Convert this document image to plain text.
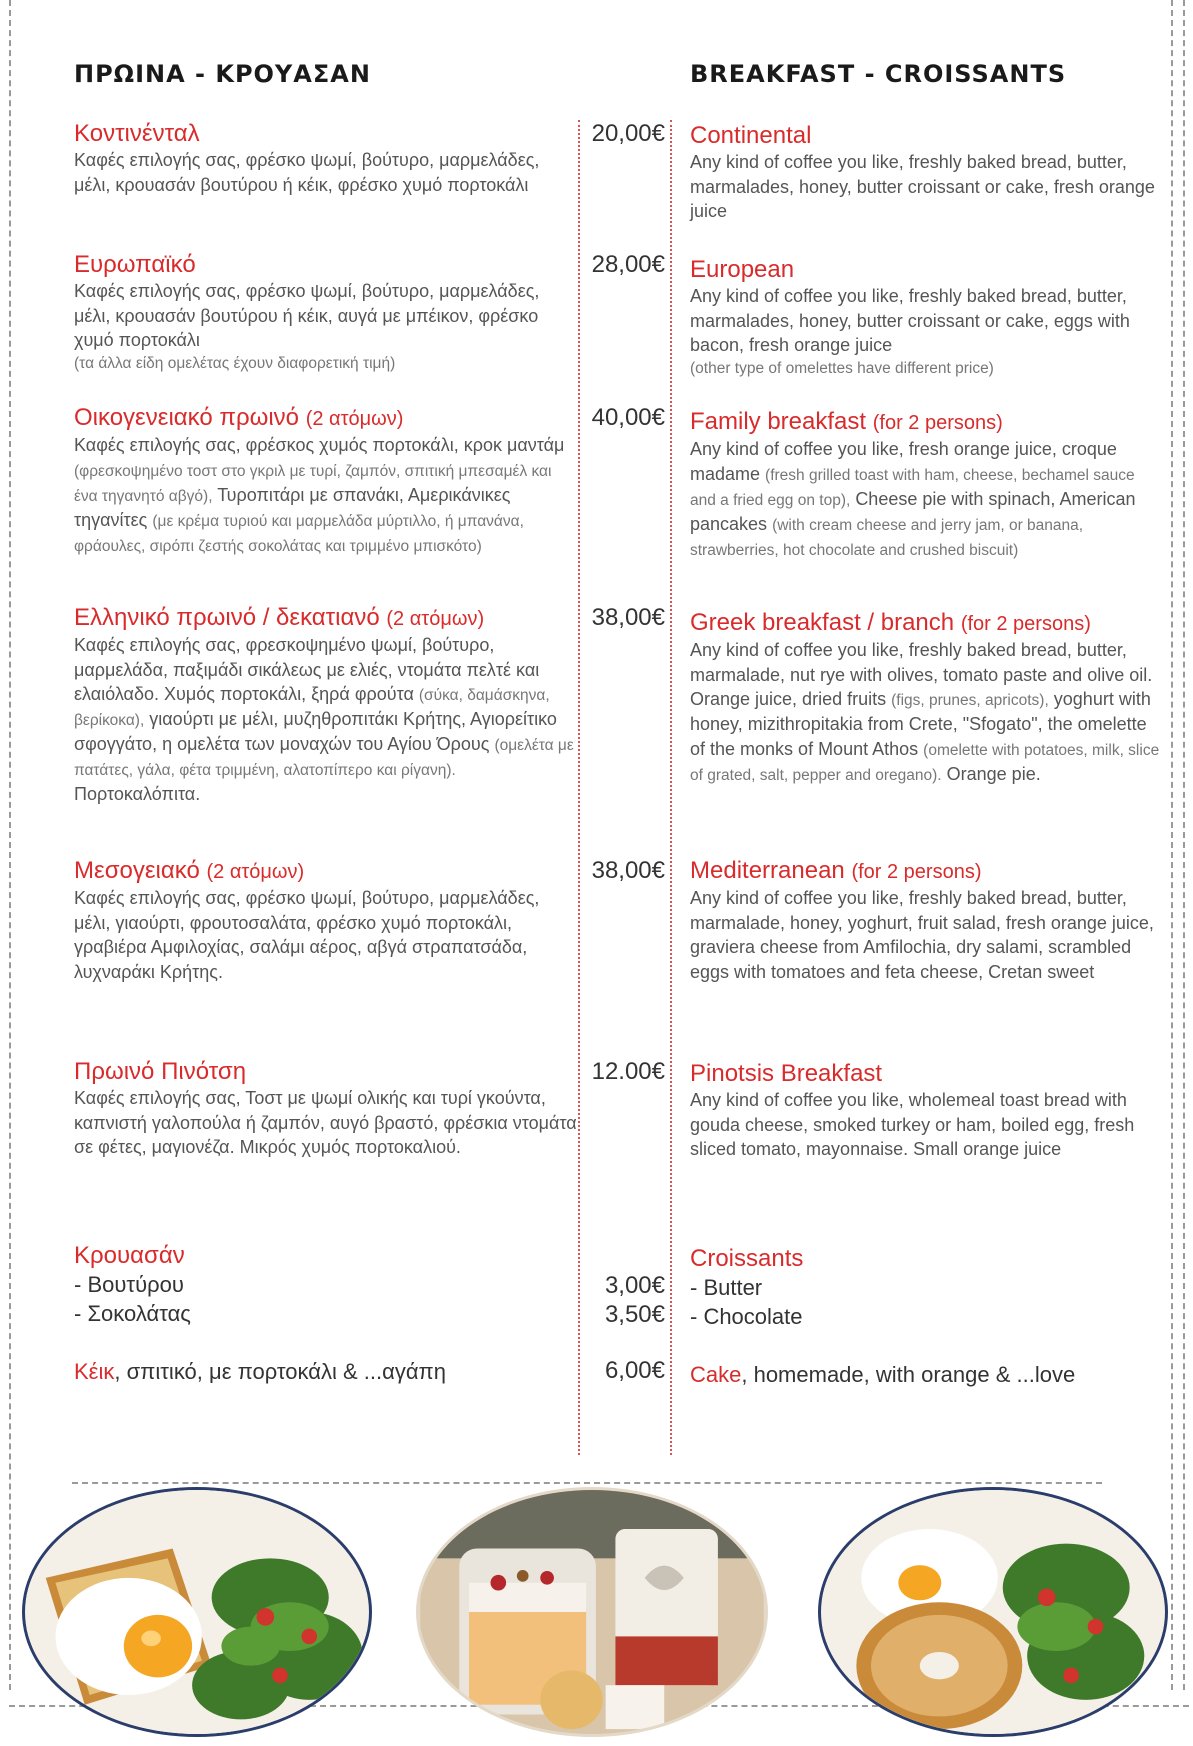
ΠΡΩΙΝΑ - ΚΡΟΥΑΣΑΝ	BREAKFAST - CROISSANTS
Κοντινένταλ
Καφές επιλογής σας, φρέσκο ψωμί, βούτυρο, μαρμελάδες, μέλι, κρουασάν βουτύρου ή κέικ, φρέσκο χυμό πορτοκάλι
20,00€ Continental
Any kind of coffee you like, freshly baked bread, butter, marmalades, honey, butter croissant or cake, fresh orange juice
Ευρωπαϊκό
Καφές επιλογής σας, φρέσκο ψωμί, βούτυρο, μαρμελάδες, μέλι, κρουασάν βουτύρου ή κέικ, αυγά με μπέικον, φρέσκο χυμό πορτοκάλι
(τα άλλα είδη ομελέτας έχουν διαφορετική τιμή)
28,00€ European
Any kind of coffee you like, freshly baked bread, butter, marmalades, honey, butter croissant or cake, eggs with bacon, fresh orange juice
(other type of omelettes have different price)
Οικογενειακό πρωινό (2 ατόμων)
Καφές επιλογής σας, φρέσκος χυμός πορτοκάλι, κροκ μαντάμ (φρεσκοψημένο τοστ στο γκριλ με τυρί, ζαμπόν, σπιτική μπεσαμέλ και ένα τηγανητό αβγό), Τυροπιτάρι με σπανάκι, Αμερικάνικες τηγανίτες (με κρέμα τυριού και μαρμελάδα μύρτιλλο, ή μπανάνα, φράουλες, σιρόπι ζεστής σοκολάτας και τριμμένο μπισκότο)
40,00€ Family breakfast (for 2 persons)
Any kind of coffee you like, fresh orange juice, croque madame (fresh grilled toast with ham, cheese, bechamel sauce and a fried egg on top), Cheese pie with spinach, American pancakes (with cream cheese and jerry jam, or banana, strawberries, hot chocolate and crushed biscuit)
Ελληνικό πρωινό / δεκατιανό (2 ατόμων)
Καφές επιλογής σας, φρεσκοψημένο ψωμί, βούτυρο, μαρμελάδα, παξιμάδι σικάλεως με ελιές, ντομάτα πελτέ και ελαιόλαδο. Χυμός πορτοκάλι, ξηρά φρούτα (σύκα, δαμάσκηνα, βερίκοκα), γιαούρτι με μέλι, μυζηθροπιτάκι Κρήτης, Αγιορείτικο σφογγάτο, η ομελέτα των μοναχών του Αγίου Όρους (ομελέτα με πατάτες, γάλα, φέτα τριμμένη, αλατοπίπερο και ρίγανη). Πορτοκαλόπιτα.
38,00€ Greek breakfast / branch (for 2 persons)
Any kind of coffee you like, freshly baked bread, butter, marmalade, nut rye with olives, tomato paste and olive oil. Orange juice, dried fruits (figs, prunes, apricots), yoghurt with honey, mizithropitakia from Crete, "Sfogato", the omelette of the monks of Mount Athos (omelette with potatoes, milk, slice of grated, salt, pepper and oregano). Orange pie.
Μεσογειακό (2 ατόμων)
Καφές επιλογής σας, φρέσκο ψωμί, βούτυρο, μαρμελάδες, μέλι, γιαούρτι, φρουτοσαλάτα, φρέσκο χυμό πορτοκάλι, γραβιέρα Αμφιλοχίας, σαλάμι αέρος, αβγά στραπατσάδα, λυχναράκι Κρήτης.
38,00€ Mediterranean (for 2 persons)
Any kind of coffee you like, freshly baked bread, butter, marmalade, honey, yoghurt, fruit salad, fresh orange juice, graviera cheese from Amfilochia, dry salami, scrambled eggs with tomatoes and feta cheese, Cretan sweet
Πρωινό Πινότση
Καφές επιλογής σας, Τοστ με ψωμί ολικής και τυρί γκούντα, καπνιστή γαλοπούλα ή ζαμπόν, αυγό βραστό, φρέσκια ντομάτα σε φέτες, μαγιονέζα. Μικρός χυμός πορτοκαλιού.
12.00€ Pinotsis Breakfast
Any kind of coffee you like, wholemeal toast bread with gouda cheese, smoked turkey or ham, boiled egg, fresh sliced tomato, mayonnaise. Small orange juice
Κρουασάν
- Βουτύρου
- Σοκολάτας
3,00€
3,50€
Croissants
- Butter
- Chocolate
Κέικ, σπιτικό, με πορτοκάλι & ...αγάπη	6,00€ Cake, homemade, with orange & ...love
